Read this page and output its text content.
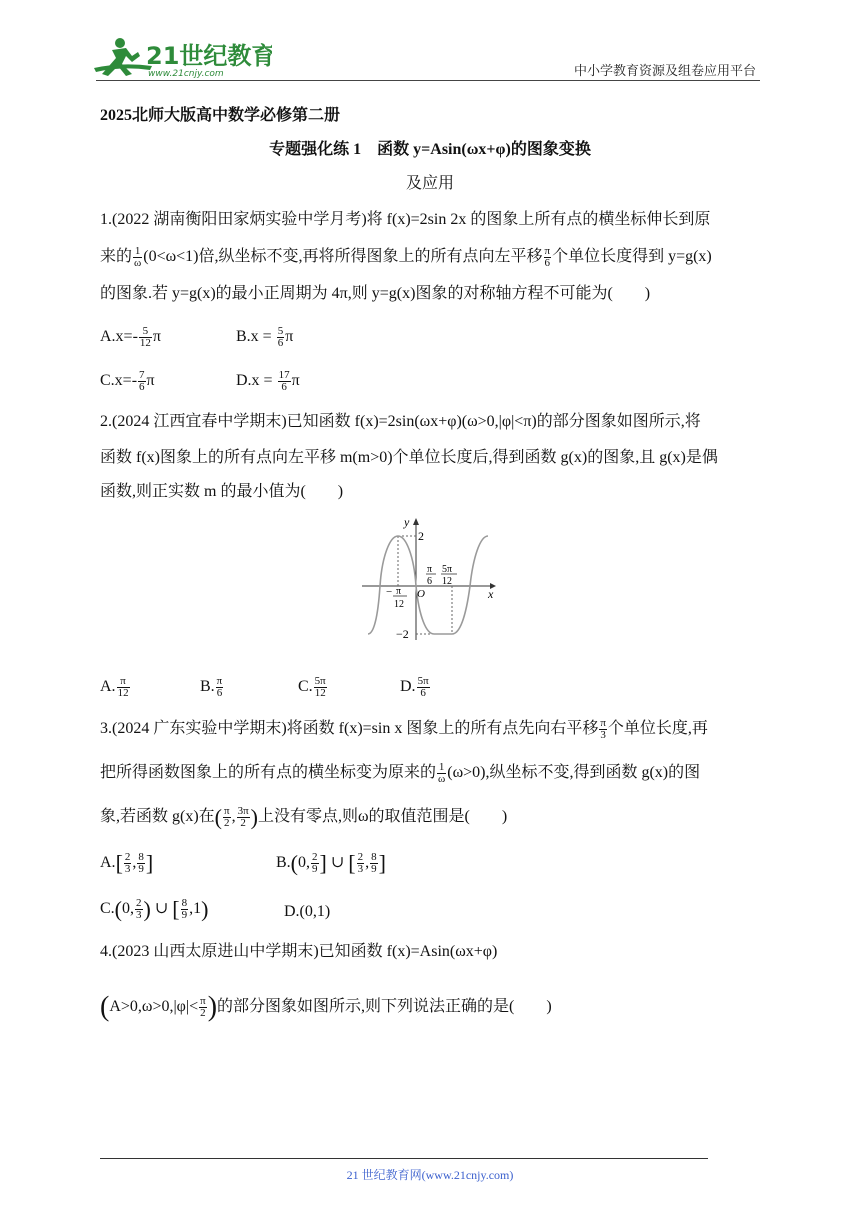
21世纪教育
www.21cnjy.com	中小学教育资源及组卷应用平台
2025北师大版高中数学必修第二册
专题强化练 1　函数 y=Asin(ωx+φ)的图象变换
及应用
1.(2022 湖南衡阳田家炳实验中学月考)将 f(x)=2sin 2x 的图象上所有点的横坐标伸长到原
来的 $\frac{1}{\omega} (0<\omega<1)$倍,纵坐标不变,再将所得图象上的所有点向左平移 $\frac{\pi}{6}$ 个单位长度得到 y=g(x)
的图象.若 y=g(x)的最小正周期为 4π,则 y=g(x)图象的对称轴方程不可能为(　　)
$A.x=- \frac{5}{12}$ π	$B.x = \frac{5}{6}$ π
$C.x=- \frac{7}{6}$ π	$D.x = \frac{17}{6}$ π
2.(2024 江西宜春中学期末)已知函数 f(x)=2sin(ωx+φ)(ω>0,|φ|<π)的部分图象如图所示,将
函数 f(x)图象上的所有点向左平移 m(m>0)个单位长度后,得到函数 g(x)的图象,且 g(x)是偶
函数,则正实数 m 的最小值为(　　)
y
x
O
2
−2
− π
12
π
6
5π
12
A. $\frac{\pi}{12}$	B. $\frac{\pi}{6}$	C. $\frac{5\pi}{12}$	D. $\frac{5\pi}{6}$
3.(2024 广东实验中学期末)将函数 f(x)=sin x 图象上的所有点先向右平移 $\frac{\pi}{3}$ 个单位长度,再
把所得函数图象上的所有点的横坐标变为原来的 $\frac{1}{\omega} (\omega>0)$,纵坐标不变,得到函数 g(x)的图
象,若函数 g(x)在( $\frac{\pi}{2}$ , $\frac{3\pi}{2}$ )上没有零点,则ω的取值范围是(　　)
$A.[ \frac{2}{3}$ , $\frac{8}{9}$ ]	B.(0, $\frac{2}{9}$ ] ∪ [ $\frac{2}{3}$ , $\frac{8}{9}$ ]
C.(0, $\frac{2}{3}$ ) ∪ [ $\frac{8}{9} ,1$)	D.(0,1)
4.(2023 山西太原进山中学期末)已知函数 f(x)=Asin(ωx+φ)
($A>0,\omega>0,|\varphi|< \frac{\pi}{2}$ )的部分图象如图所示,则下列说法正确的是(　　)
21 世纪教育网(www.21cnjy.com)
